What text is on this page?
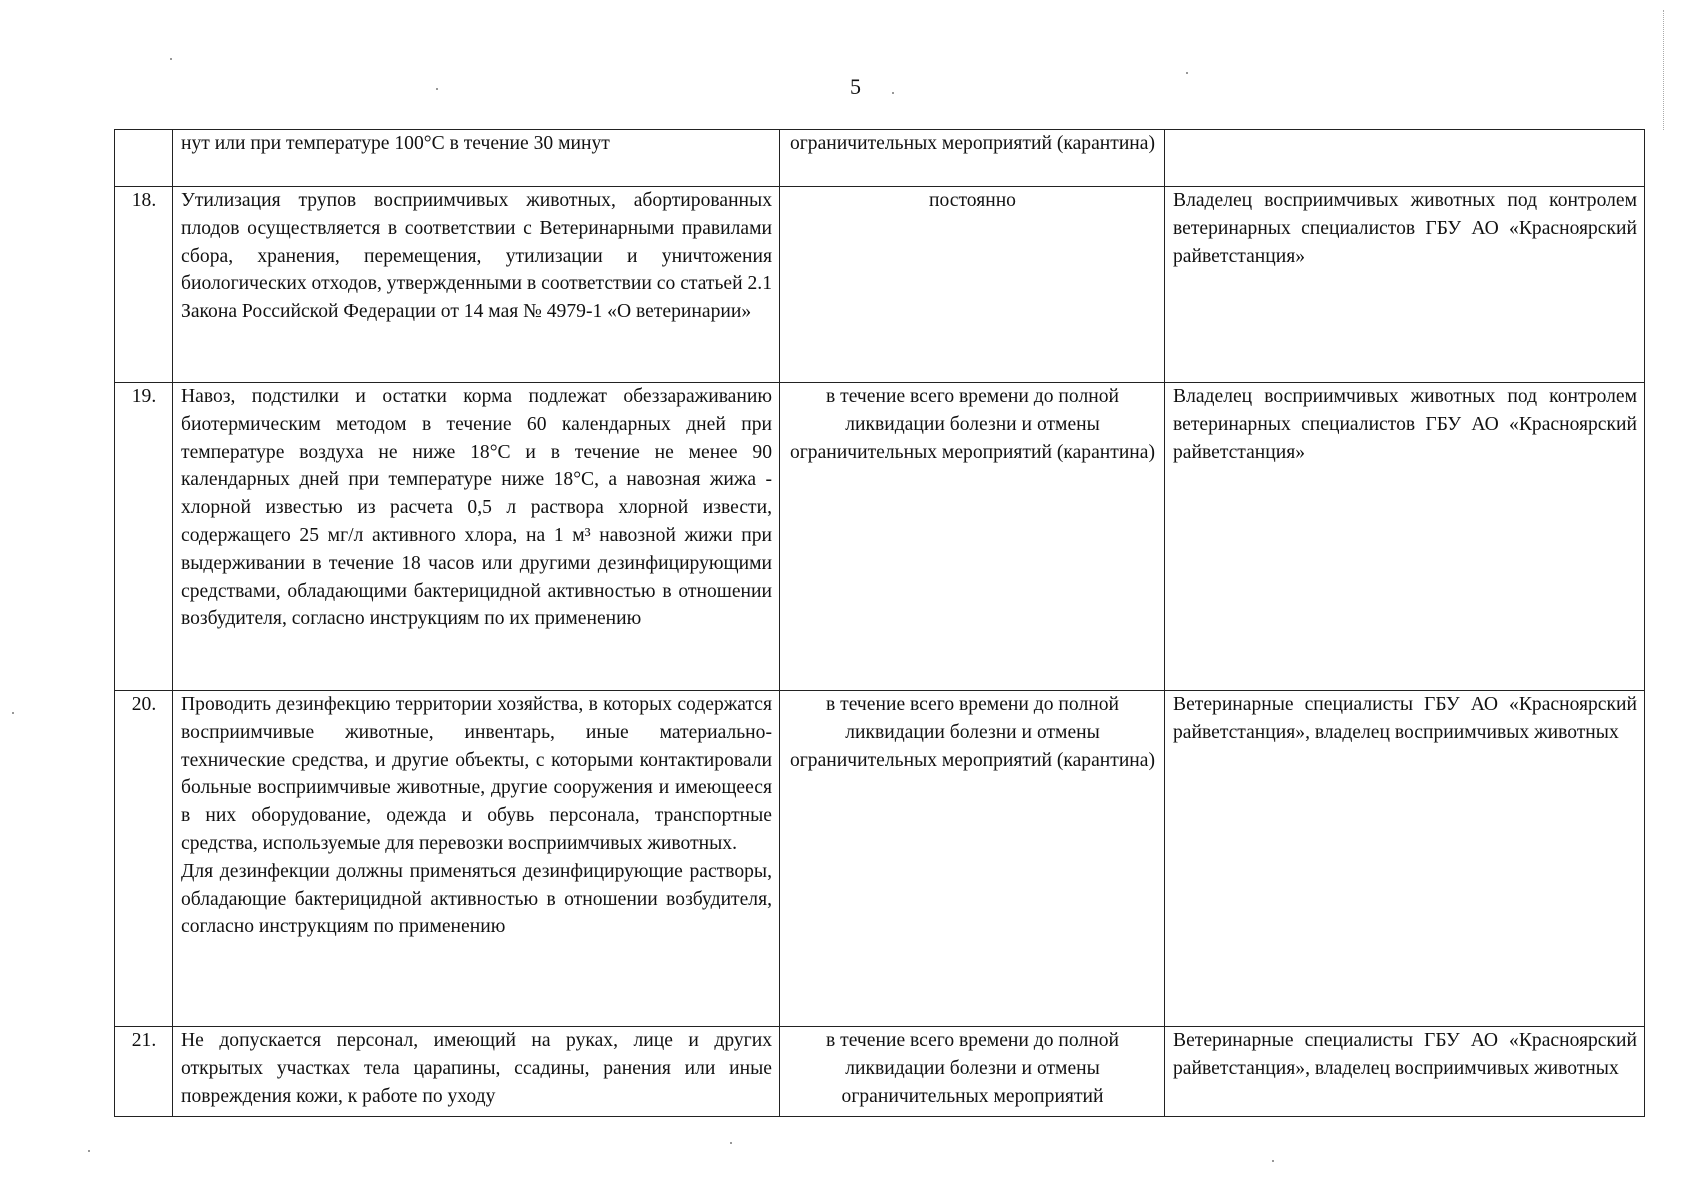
5

	нут или при температуре 100°С в течение 30 минут	ограничительных мероприятий (карантина)	
18.	Утилизация трупов восприимчивых животных, абортированных плодов осуществляется в соответствии с Ветеринарными правилами сбора, хранения, перемещения, утилизации и уничтожения биологических отходов, утвержденными в соответствии со статьей 2.1 Закона Российской Федерации от 14 мая № 4979-1 «О ветеринарии»	постоянно	Владелец восприимчивых животных под контролем ветеринарных специалистов ГБУ АО «Красноярский райветстанция»
19.	Навоз, подстилки и остатки корма подлежат обеззараживанию биотермическим методом в течение 60 календарных дней при температуре воздуха не ниже 18°С и в течение не менее 90 календарных дней при температуре ниже 18°С, а навозная жижа - хлорной известью из расчета 0,5 л раствора хлорной извести, содержащего 25 мг/л активного хлора, на 1 м³ навозной жижи при выдерживании в течение 18 часов или другими дезинфицирующими средствами, обладающими бактерицидной активностью в отношении возбудителя, согласно инструкциям по их применению	в течение всего времени до полной ликвидации болезни и отмены ограничительных мероприятий (карантина)	Владелец восприимчивых животных под контролем ветеринарных специалистов ГБУ АО «Красноярский райветстанция»
20.	Проводить дезинфекцию территории хозяйства, в которых содержатся восприимчивые животные, инвентарь, иные материально-технические средства, и другие объекты, с которыми контактировали больные восприимчивые животные, другие сооружения и имеющееся в них оборудование, одежда и обувь персонала, транспортные средства, используемые для перевозки восприимчивых животных.
Для дезинфекции должны применяться дезинфицирующие растворы, обладающие бактерицидной активностью в отношении возбудителя, согласно инструкциям по применению	в течение всего времени до полной ликвидации болезни и отмены ограничительных мероприятий (карантина)	Ветеринарные специалисты ГБУ АО «Красноярский райветстанция», владелец восприимчивых животных
21.	Не допускается персонал, имеющий на руках, лице и других открытых участках тела царапины, ссадины, ранения или иные повреждения кожи, к работе по уходу	в течение всего времени до полной ликвидации болезни и отмены ограничительных мероприятий	Ветеринарные специалисты ГБУ АО «Красноярский райветстанция», владелец восприимчивых животных
